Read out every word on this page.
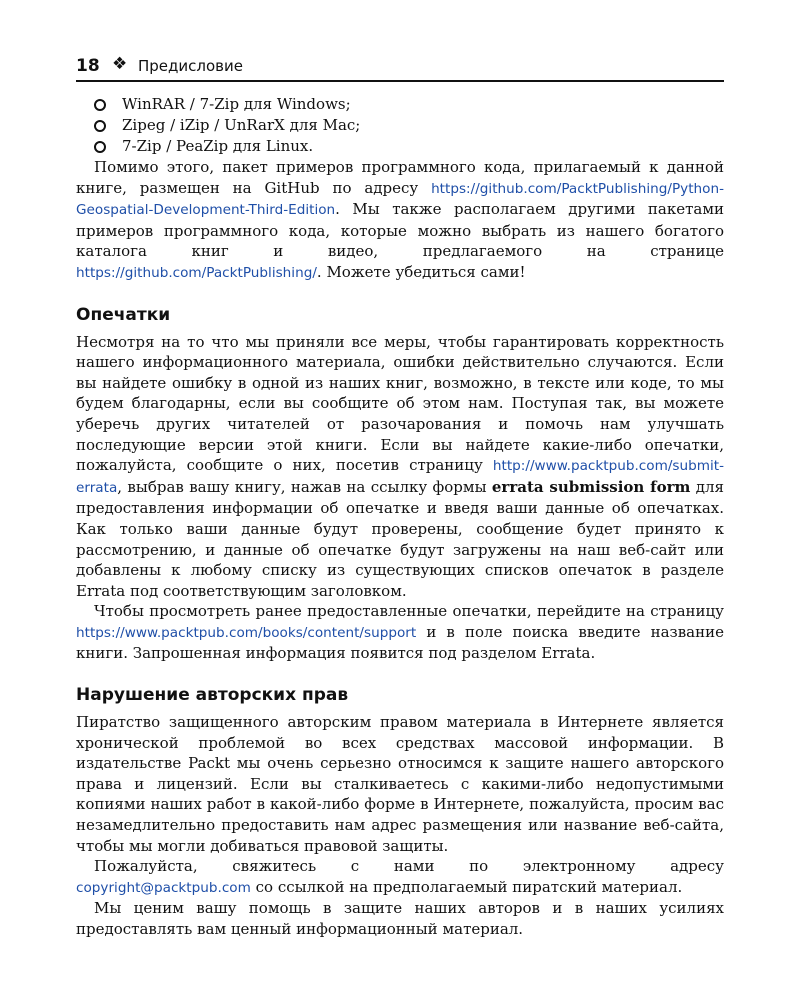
18 ❖ Предисловие
WinRAR / 7-Zip для Windows;
Zipeg / iZip / UnRarX для Mac;
7-Zip / PeaZip для Linux.

Помимо этого, пакет примеров программного кода, прилагаемый к данной книге, размещен на GitHub по адресу https://github.com/PacktPublishing/Python-Geospatial-Development-Third-Edition. Мы также располагаем другими пакетами примеров программного кода, которые можно выбрать из нашего богатого каталога книг и видео, предлагаемого на странице https://github.com/PacktPublishing/. Можете убедиться сами!

Опечатки

Несмотря на то что мы приняли все меры, чтобы гарантировать корректность нашего информационного материала, ошибки действительно случаются. Если вы найдете ошибку в одной из наших книг, возможно, в тексте или коде, то мы будем благодарны, если вы сообщите об этом нам. Поступая так, вы можете уберечь других читателей от разочарования и помочь нам улучшать последующие версии этой книги. Если вы найдете какие-либо опечатки, пожалуйста, сообщите о них, посетив страницу http://www.packtpub.com/submit-errata, выбрав вашу книгу, нажав на ссылку формы errata submission form для предоставления информации об опечатке и введя ваши данные об опечатках. Как только ваши данные будут проверены, сообщение будет принято к рассмотрению, и данные об опечатке будут загружены на наш веб-сайт или добавлены к любому списку из существующих списков опечаток в разделе Errata под соответствующим заголовком.

Чтобы просмотреть ранее предоставленные опечатки, перейдите на страницу https://www.packtpub.com/books/content/support и в поле поиска введите название книги. Запрошенная информация появится под разделом Errata.

Нарушение авторских прав

Пиратство защищенного авторским правом материала в Интернете является хронической проблемой во всех средствах массовой информации. В издательстве Packt мы очень серьезно относимся к защите нашего авторского права и лицензий. Если вы сталкиваетесь с какими-либо недопустимыми копиями наших работ в какой-либо форме в Интернете, пожалуйста, просим вас незамедлительно предоставить нам адрес размещения или название веб-сайта, чтобы мы могли добиваться правовой защиты.

Пожалуйста, свяжитесь с нами по электронному адресу copyright@packtpub.com со ссылкой на предполагаемый пиратский материал.

Мы ценим вашу помощь в защите наших авторов и в наших усилиях предоставлять вам ценный информационный материал.
